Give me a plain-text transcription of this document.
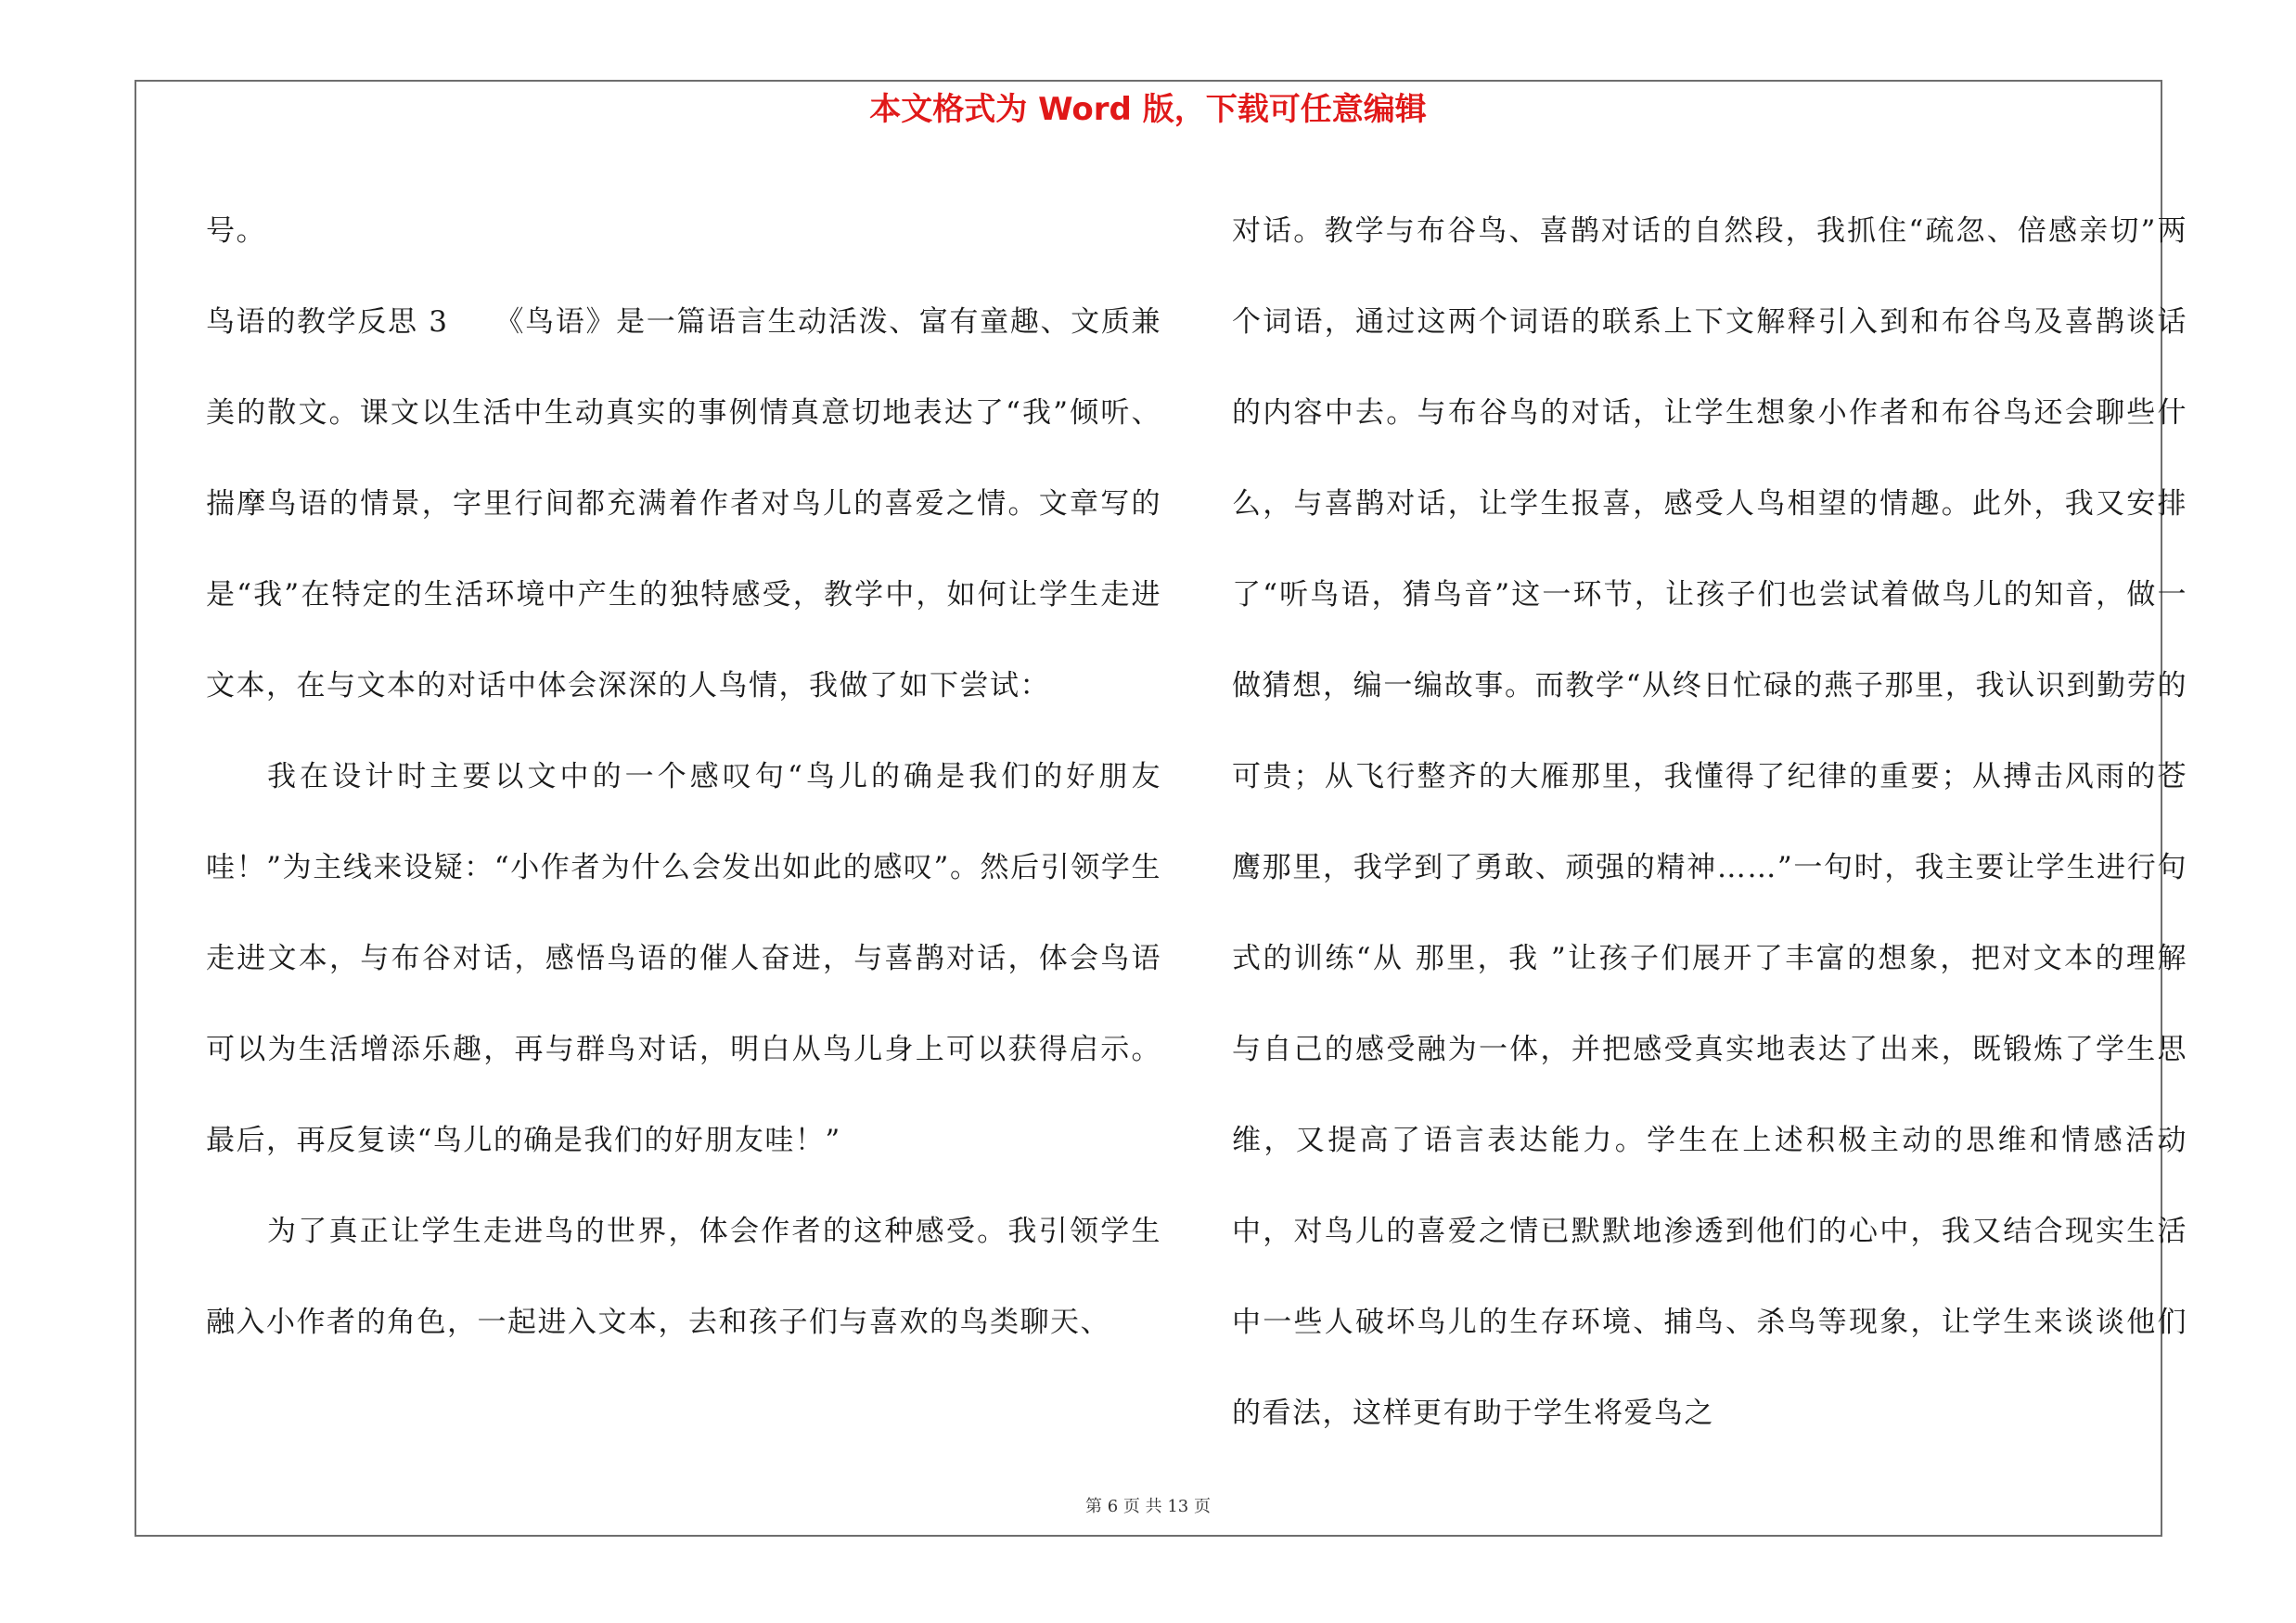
本文格式为 Word 版，下载可任意编辑

号。

鸟语的教学反思 3　　《鸟语》是一篇语言生动活泼、富有童趣、文质兼美的散文。课文以生活中生动真实的事例情真意切地表达了“我”倾听、揣摩鸟语的情景，字里行间都充满着作者对鸟儿的喜爱之情。文章写的是“我”在特定的生活环境中产生的独特感受，教学中，如何让学生走进文本，在与文本的对话中体会深深的人鸟情，我做了如下尝试：

我在设计时主要以文中的一个感叹句“鸟儿的确是我们的好朋友哇！”为主线来设疑：“小作者为什么会发出如此的感叹”。然后引领学生走进文本，与布谷对话，感悟鸟语的催人奋进，与喜鹊对话，体会鸟语可以为生活增添乐趣，再与群鸟对话，明白从鸟儿身上可以获得启示。最后，再反复读“鸟儿的确是我们的好朋友哇！”

为了真正让学生走进鸟的世界，体会作者的这种感受。我引领学生融入小作者的角色，一起进入文本，去和孩子们与喜欢的鸟类聊天、

对话。教学与布谷鸟、喜鹊对话的自然段，我抓住“疏忽、倍感亲切”两个词语，通过这两个词语的联系上下文解释引入到和布谷鸟及喜鹊谈话的内容中去。与布谷鸟的对话，让学生想象小作者和布谷鸟还会聊些什么，与喜鹊对话，让学生报喜，感受人鸟相望的情趣。此外，我又安排了“听鸟语，猜鸟音”这一环节，让孩子们也尝试着做鸟儿的知音，做一做猜想，编一编故事。而教学“从终日忙碌的燕子那里，我认识到勤劳的可贵；从飞行整齐的大雁那里，我懂得了纪律的重要；从搏击风雨的苍鹰那里，我学到了勇敢、顽强的精神……”一句时，我主要让学生进行句式的训练“从 那里，我 ”让孩子们展开了丰富的想象，把对文本的理解与自己的感受融为一体，并把感受真实地表达了出来，既锻炼了学生思维，又提高了语言表达能力。学生在上述积极主动的思维和情感活动中，对鸟儿的喜爱之情已默默地渗透到他们的心中，我又结合现实生活中一些人破坏鸟儿的生存环境、捕鸟、杀鸟等现象，让学生来谈谈他们的看法，这样更有助于学生将爱鸟之

第 6 页 共 13 页
